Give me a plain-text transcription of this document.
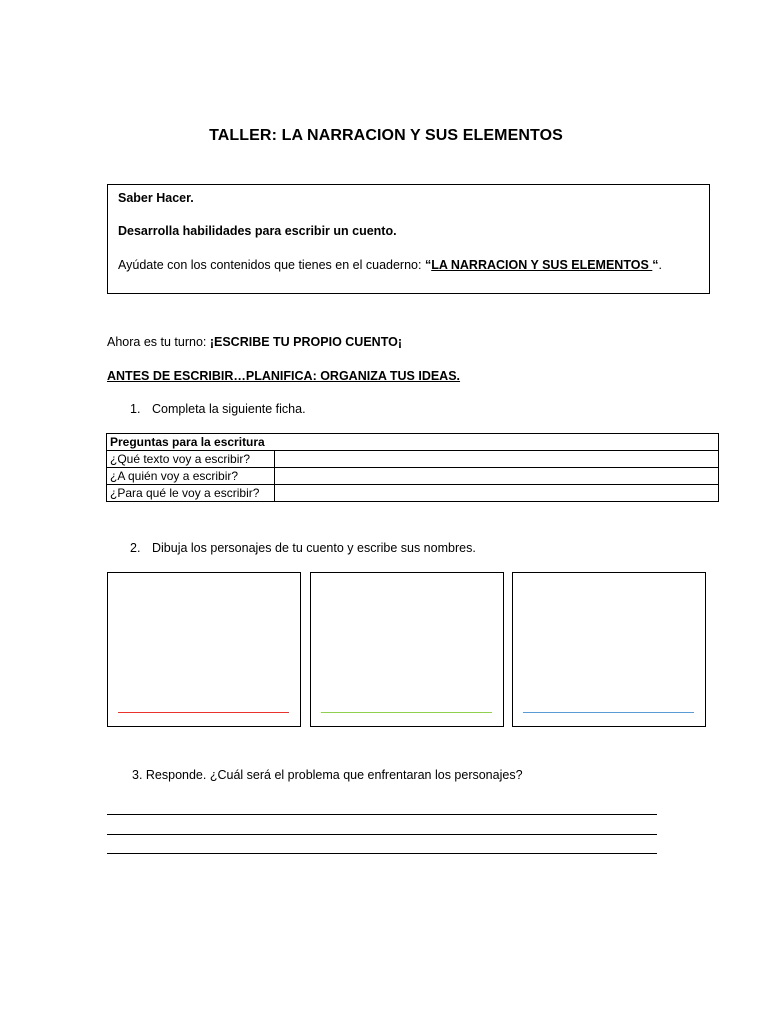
TALLER: LA NARRACION Y SUS ELEMENTOS
Saber Hacer.
Desarrolla habilidades para escribir un cuento.
Ayúdate con los contenidos que tienes en el cuaderno: “LA NARRACION Y SUS ELEMENTOS “.
Ahora es tu turno: ¡ESCRIBE TU PROPIO CUENTO¡
ANTES DE ESCRIBIR…PLANIFICA: ORGANIZA TUS IDEAS.
1. Completa la siguiente ficha.
Preguntas para la escritura	
¿Qué texto voy a escribir?	
¿A quién voy a escribir?	
¿Para qué le voy a escribir?	
2. Dibuja los personajes de tu cuento y escribe sus nombres.
3. Responde. ¿Cuál será el problema que enfrentaran los personajes?
